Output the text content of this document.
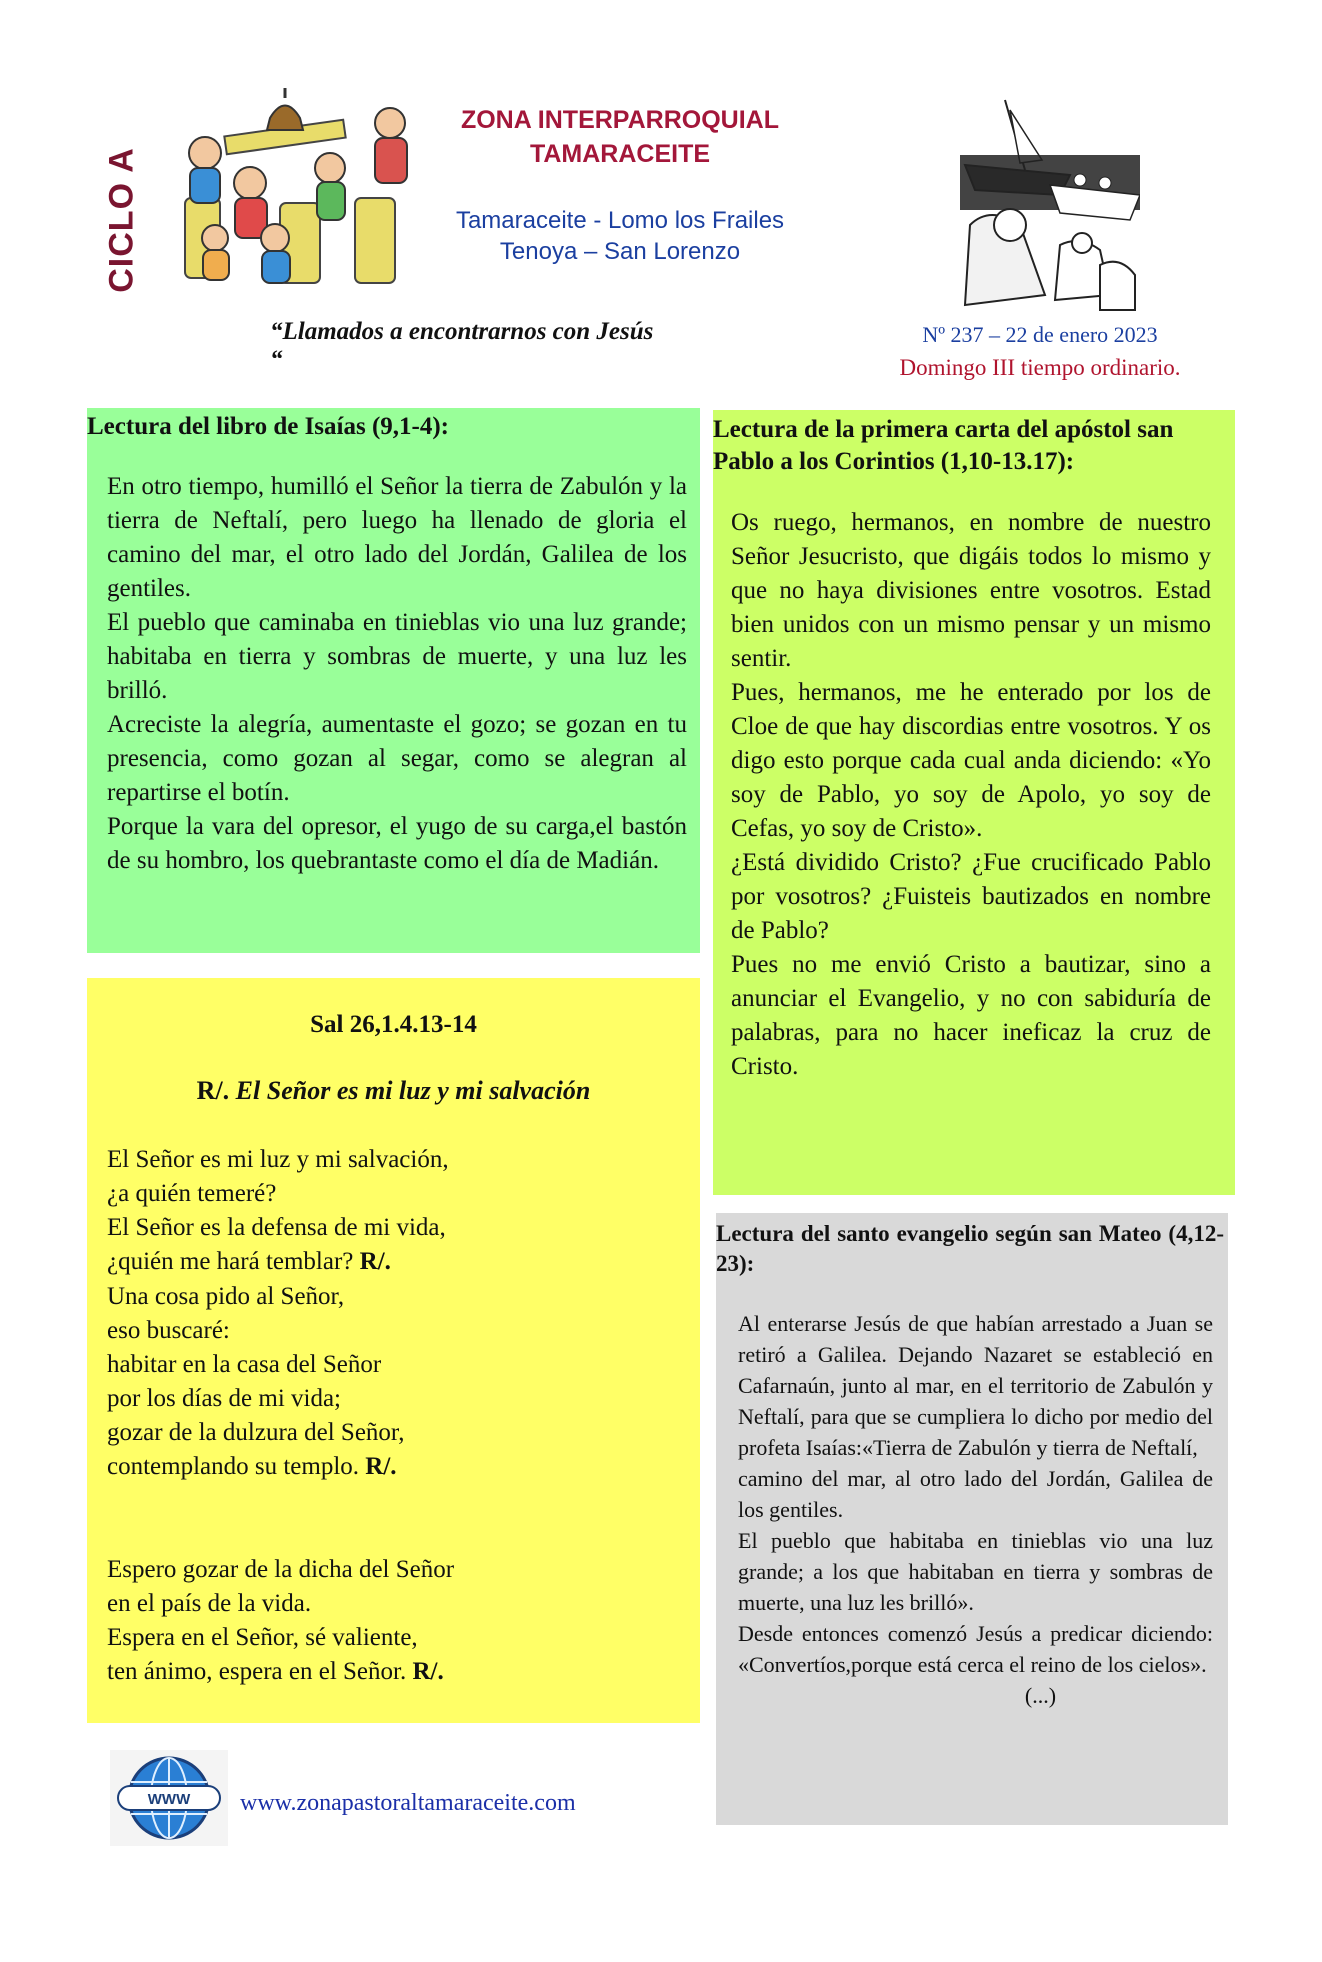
CICLO A
ZONA INTERPARROQUIAL
TAMARACEITE
Tamaraceite - Lomo los Frailes
Tenoya – San Lorenzo
“Llamados a encontrarnos con Jesús “
Nº 237 – 22 de enero 2023
Domingo III tiempo ordinario.
Lectura del libro de Isaías (9,1-4):

En otro tiempo, humilló el Señor la tierra de Zabulón y la tierra de Neftalí, pero luego ha llenado de gloria el camino del mar, el otro lado del Jordán, Galilea de los gentiles.

El pueblo que caminaba en tinieblas vio una luz grande; habitaba en tierra y sombras de muerte, y una luz les brilló.

Acreciste la alegría, aumentaste el gozo; se gozan en tu presencia, como gozan al segar, como se alegran al repartirse el botín.

Porque la vara del opresor, el yugo de su carga,el bastón de su hombro, los quebrantaste como el día de Madián.

Sal 26,1.4.13-14
R/. El Señor es mi luz y mi salvación

El Señor es mi luz y mi salvación,

¿a quién temeré?

El Señor es la defensa de mi vida,

¿quién me hará temblar? R/.

Una cosa pido al Señor,

eso buscaré:

habitar en la casa del Señor

por los días de mi vida;

gozar de la dulzura del Señor,

contemplando su templo. R/.

Espero gozar de la dicha del Señor

en el país de la vida.

Espera en el Señor, sé valiente,

ten ánimo, espera en el Señor. R/.

Lectura de la primera carta del apóstol san Pablo a los Corintios (1,10-13.17):

Os ruego, hermanos, en nombre de nuestro Señor Jesucristo, que digáis todos lo mismo y que no haya divisiones entre vosotros. Estad bien unidos con un mismo pensar y un mismo sentir.

Pues, hermanos, me he enterado por los de Cloe de que hay discordias entre vosotros. Y os digo esto porque cada cual anda diciendo: «Yo soy de Pablo, yo soy de Apolo, yo soy de Cefas, yo soy de Cristo».

¿Está dividido Cristo? ¿Fue crucificado Pablo por vosotros? ¿Fuisteis bautizados en nombre de Pablo?

Pues no me envió Cristo a bautizar, sino a anunciar el Evangelio, y no con sabiduría de palabras, para no hacer ineficaz la cruz de Cristo.

Lectura del santo evangelio según san Mateo (4,12-23):

Al enterarse Jesús de que habían arrestado a Juan se retiró a Galilea. Dejando Nazaret se estableció en Cafarnaún, junto al mar, en el territorio de Zabulón y Neftalí, para que se cumpliera lo dicho por medio del profeta Isaías:«Tierra de Zabulón y tierra de Neftalí,

camino del mar, al otro lado del Jordán, Galilea de los gentiles.

El pueblo que habitaba en tinieblas vio una luz grande; a los que habitaban en tierra y sombras de muerte, una luz les brilló».

Desde entonces comenzó Jesús a predicar diciendo: «Convertíos,porque está cerca el reino de los cielos».

(...)

WWW www.zonapastoraltamaraceite.com
